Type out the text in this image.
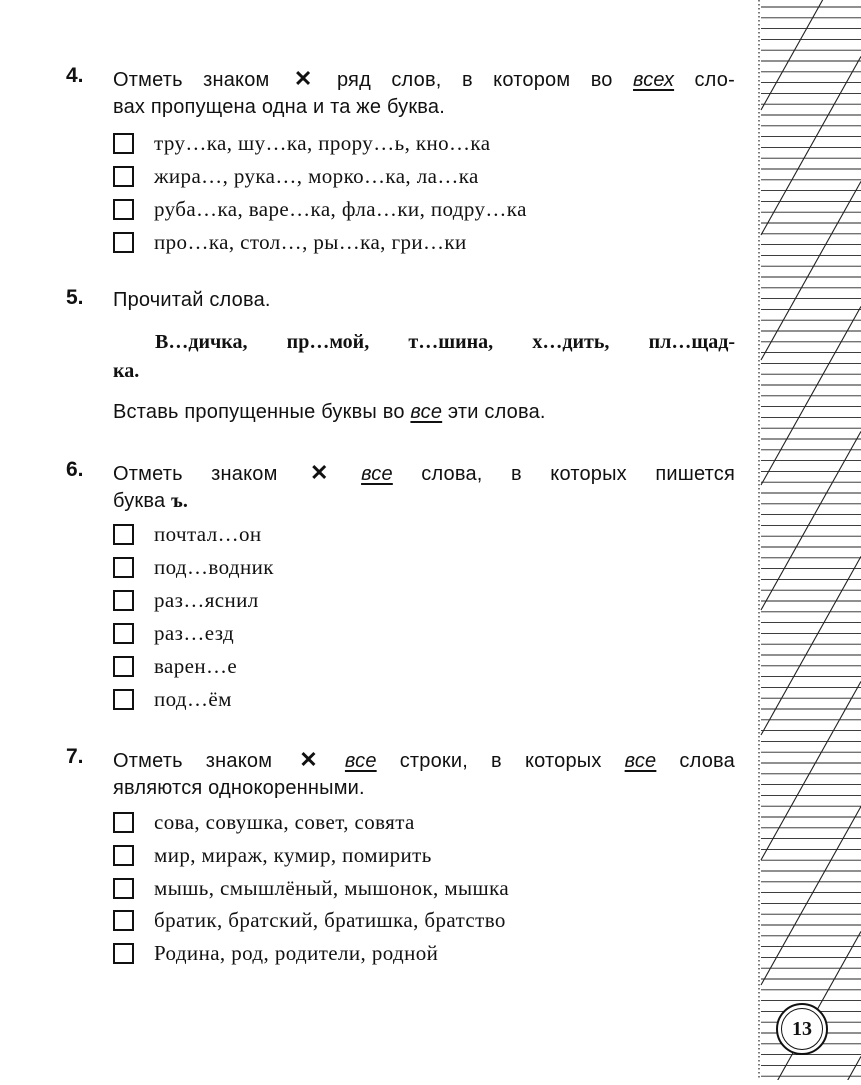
4. Отметь знаком ✕ ряд слов, в котором во всех сло-
вах пропущена одна и та же буква.
тру…ка, шу…ка, прору…ь, кно…ка
жира…, рука…, морко…ка, ла…ка
руба…ка, варе…ка, фла…ки, подру…ка
про…ка, стол…, ры…ка, гри…ки
5. Прочитай слова.
В…дичка, пр…мой, т…шина, х…дить, пл…щад-
ка.
Вставь пропущенные буквы во все эти слова.
6. Отметь знаком ✕ все слова, в которых пишется
буква ъ.
почтал…он
под…водник
раз…яснил
раз…езд
варен…е
под…ём
7. Отметь знаком ✕ все строки, в которых все слова
являются однокоренными.
сова, совушка, совет, совята
мир, мираж, кумир, помирить
мышь, смышлёный, мышонок, мышка
братик, братский, братишка, братство
Родина, род, родители, родной
13
